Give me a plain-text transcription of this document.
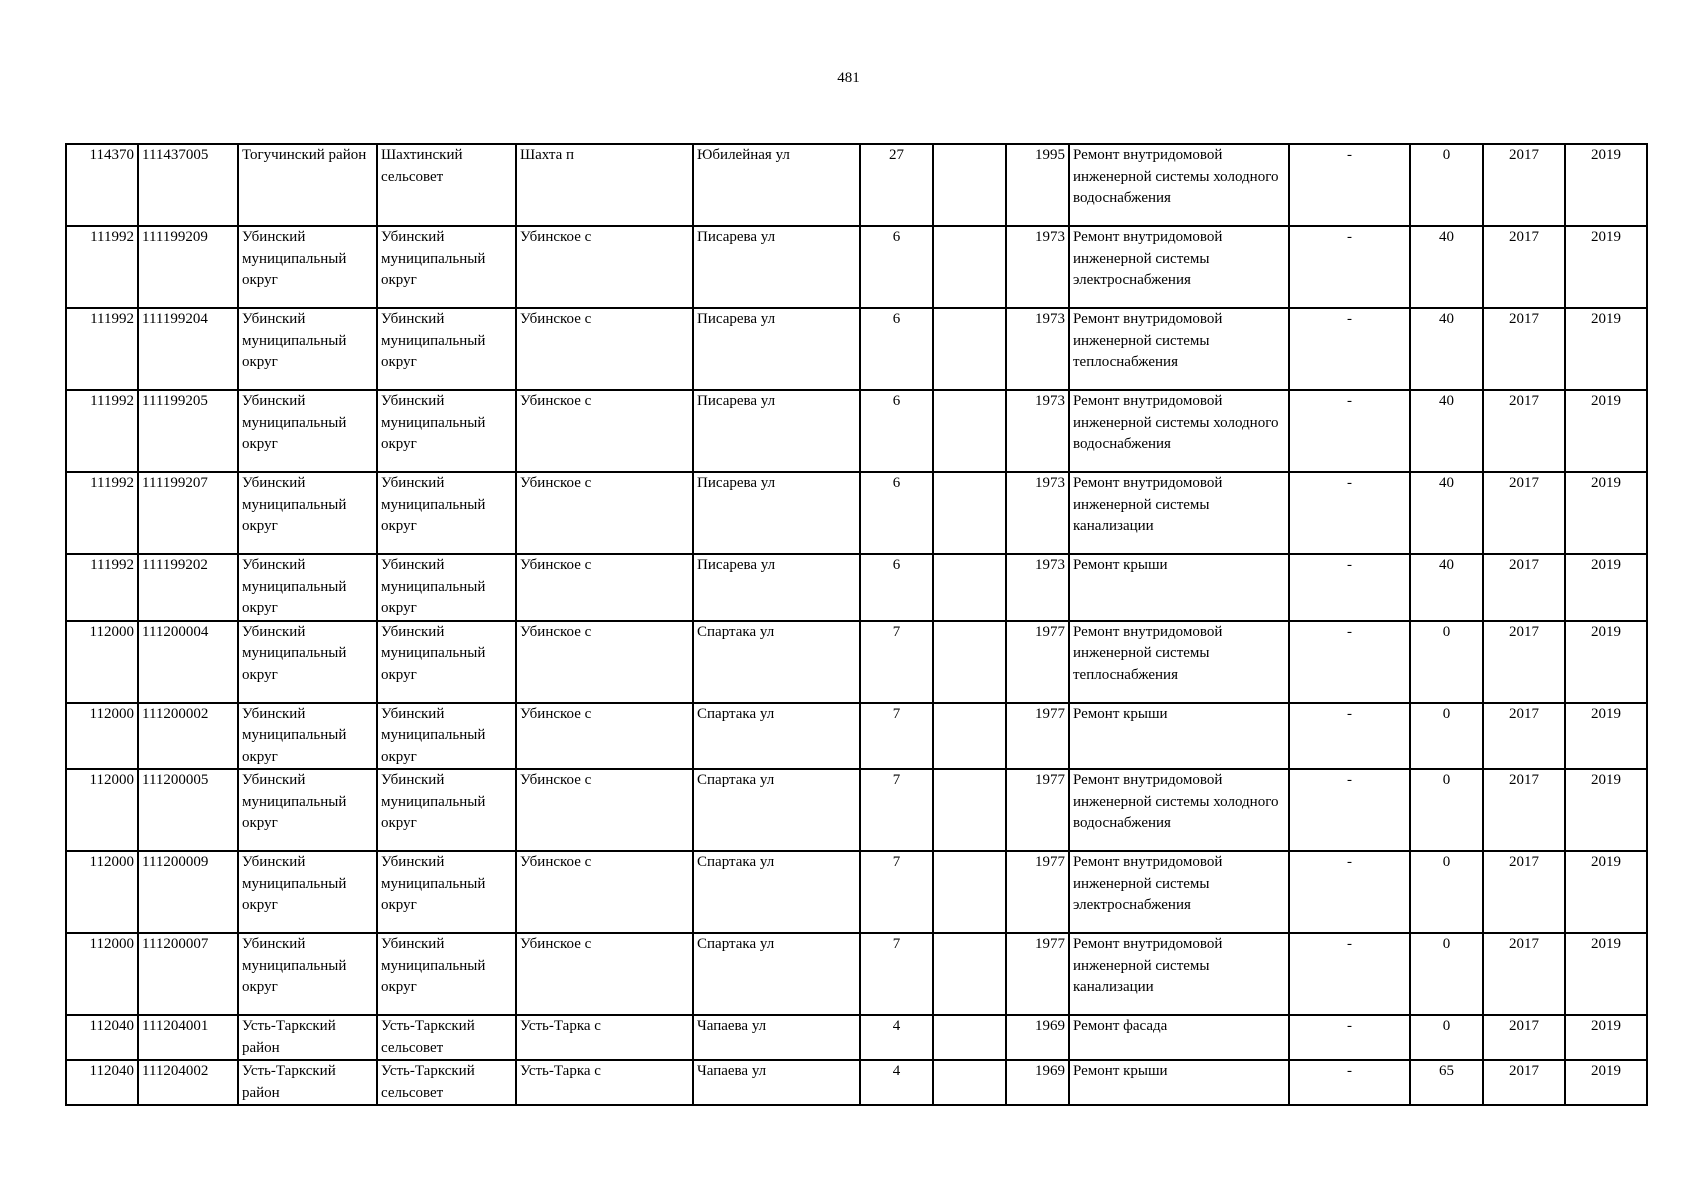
481
114370	111437005	Тогучинский район	Шахтинский сельсовет	Шахта п	Юбилейная ул	27		1995	Ремонт внутридомовой инженерной системы холодного водоснабжения	-	0	2017	2019
111992	111199209	Убинский муниципальный округ	Убинский муниципальный округ	Убинское с	Писарева ул	6		1973	Ремонт внутридомовой инженерной системы электроснабжения	-	40	2017	2019
111992	111199204	Убинский муниципальный округ	Убинский муниципальный округ	Убинское с	Писарева ул	6		1973	Ремонт внутридомовой инженерной системы теплоснабжения	-	40	2017	2019
111992	111199205	Убинский муниципальный округ	Убинский муниципальный округ	Убинское с	Писарева ул	6		1973	Ремонт внутридомовой инженерной системы холодного водоснабжения	-	40	2017	2019
111992	111199207	Убинский муниципальный округ	Убинский муниципальный округ	Убинское с	Писарева ул	6		1973	Ремонт внутридомовой инженерной системы канализации	-	40	2017	2019
111992	111199202	Убинский муниципальный округ	Убинский муниципальный округ	Убинское с	Писарева ул	6		1973	Ремонт крыши	-	40	2017	2019
112000	111200004	Убинский муниципальный округ	Убинский муниципальный округ	Убинское с	Спартака ул	7		1977	Ремонт внутридомовой инженерной системы теплоснабжения	-	0	2017	2019
112000	111200002	Убинский муниципальный округ	Убинский муниципальный округ	Убинское с	Спартака ул	7		1977	Ремонт крыши	-	0	2017	2019
112000	111200005	Убинский муниципальный округ	Убинский муниципальный округ	Убинское с	Спартака ул	7		1977	Ремонт внутридомовой инженерной системы холодного водоснабжения	-	0	2017	2019
112000	111200009	Убинский муниципальный округ	Убинский муниципальный округ	Убинское с	Спартака ул	7		1977	Ремонт внутридомовой инженерной системы электроснабжения	-	0	2017	2019
112000	111200007	Убинский муниципальный округ	Убинский муниципальный округ	Убинское с	Спартака ул	7		1977	Ремонт внутридомовой инженерной системы канализации	-	0	2017	2019
112040	111204001	Усть-Таркский район	Усть-Таркский сельсовет	Усть-Тарка с	Чапаева ул	4		1969	Ремонт фасада	-	0	2017	2019
112040	111204002	Усть-Таркский район	Усть-Таркский сельсовет	Усть-Тарка с	Чапаева ул	4		1969	Ремонт крыши	-	65	2017	2019
